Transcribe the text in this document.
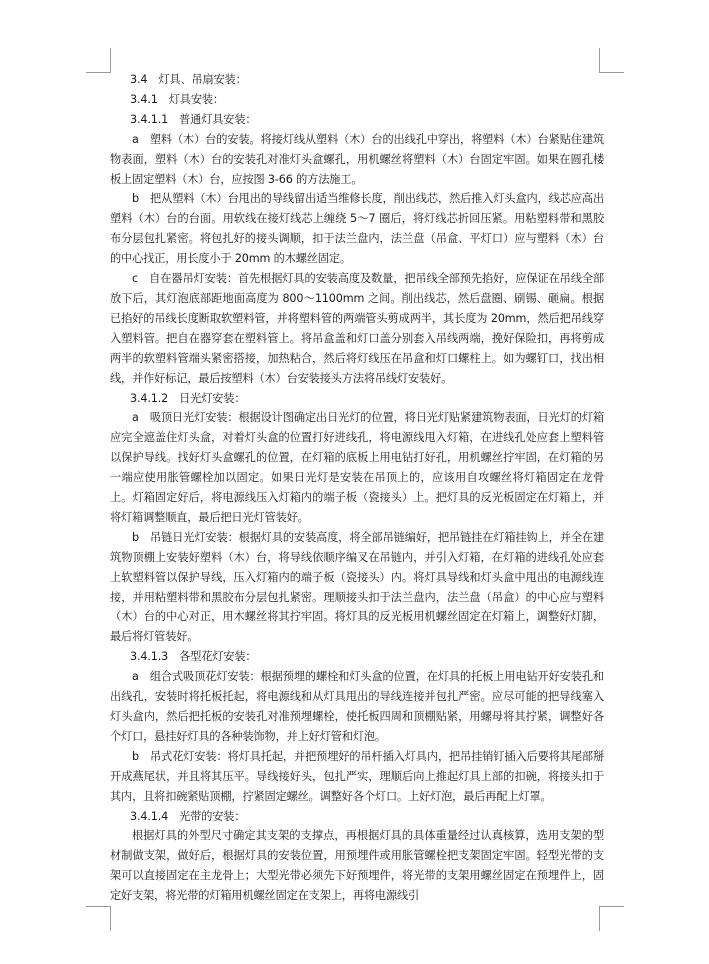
3.4　灯具、吊扇安装：

3.4.1　灯具安装：

3.4.1.1　普通灯具安装：

a　塑料（木）台的安装。将接灯线从塑料（木）台的出线孔中穿出，将塑料（木）台紧贴住建筑物表面，塑料（木）台的安装孔对准灯头盒螺孔，用机螺丝将塑料（木）台固定牢固。如果在圆孔楼板上固定塑料（木）台，应按图 3-66 的方法施工。

b　把从塑料（木）台甩出的导线留出适当维修长度，削出线芯，然后推入灯头盒内，线芯应高出塑料（木）台的台面。用软线在接灯线芯上缠绕 5～7 圈后，将灯线芯折回压紧。用粘塑料带和黑胶布分层包扎紧密。将包扎好的接头调顺，扣于法兰盘内，法兰盘（吊盒、平灯口）应与塑料（木）台的中心找正，用长度小于 20mm 的木螺丝固定。

c　自在器吊灯安装：首先根据灯具的安装高度及数量，把吊线全部预先掐好，应保证在吊线全部放下后，其灯泡底部距地面高度为 800～1100mm 之间。削出线芯，然后盘圈、刷锡、砸扁。根据已掐好的吊线长度断取软塑料管，并将塑料管的两端管头剪成两半，其长度为 20mm，然后把吊线穿入塑料管。把自在器穿套在塑料管上。将吊盒盖和灯口盖分别套入吊线两端，挽好保险扣，再将剪成两半的软塑料管端头紧密搭接，加热粘合，然后将灯线压在吊盒和灯口螺柱上。如为螺钉口，找出相线，并作好标记，最后按塑料（木）台安装接头方法将吊线灯安装好。

3.4.1.2　日光灯安装：

a　吸顶日光灯安装：根据设计图确定出日光灯的位置，将日光灯贴紧建筑物表面，日光灯的灯箱应完全遮盖住灯头盒，对着灯头盒的位置打好进线孔，将电源线甩入灯箱，在进线孔处应套上塑料管以保护导线。找好灯头盒螺孔的位置，在灯箱的底板上用电钻打好孔，用机螺丝拧牢固，在灯箱的另一端应使用胀管螺栓加以固定。如果日光灯是安装在吊顶上的，应该用自攻螺丝将灯箱固定在龙骨上。灯箱固定好后，将电源线压入灯箱内的端子板（瓷接头）上。把灯具的反光板固定在灯箱上，并将灯箱调整顺直，最后把日光灯管装好。

b　吊链日光灯安装：根据灯具的安装高度，将全部吊链编好，把吊链挂在灯箱挂钩上，并全在建筑物顶棚上安装好塑料（木）台，将导线依顺序编叉在吊链内，并引入灯箱，在灯箱的进线孔处应套上软塑料管以保护导线，压入灯箱内的端子板（瓷接头）内。将灯具导线和灯头盒中甩出的电源线连接，并用粘塑料带和黑胶布分层包扎紧密。理顺接头扣于法兰盘内，法兰盘（吊盒）的中心应与塑料（木）台的中心对正，用木螺丝将其拧牢固。将灯具的反光板用机螺丝固定在灯箱上，调整好灯脚，最后将灯管装好。

3.4.1.3　各型花灯安装：

a　组合式吸顶花灯安装：根据预埋的螺栓和灯头盒的位置，在灯具的托板上用电钻开好安装孔和出线孔，安装时将托板托起，将电源线和从灯具甩出的导线连接并包扎严密。应尽可能的把导线塞入灯头盒内，然后把托板的安装孔对准预埋螺栓，使托板四周和顶棚贴紧，用螺母将其拧紧，调整好各个灯口，悬挂好灯具的各种装饰物，并上好灯管和灯泡。

b　吊式花灯安装：将灯具托起，并把预埋好的吊杆插入灯具内，把吊挂销钉插入后要将其尾部掰开成燕尾状，并且将其压平。导线接好头，包扎严实，理顺后向上推起灯具上部的扣碗，将接头扣于其内，且将扣碗紧贴顶棚，拧紧固定螺丝。调整好各个灯口。上好灯泡，最后再配上灯罩。

3.4.1.4　光带的安装：

根据灯具的外型尺寸确定其支架的支撑点，再根据灯具的具体重量经过认真核算，选用支架的型材制做支架，做好后，根据灯具的安装位置，用预埋件或用胀管螺栓把支架固定牢固。轻型光带的支架可以直接固定在主龙骨上；大型光带必须先下好预埋件，将光带的支架用螺丝固定在预埋件上，固定好支架，将光带的灯箱用机螺丝固定在支架上，再将电源线引
